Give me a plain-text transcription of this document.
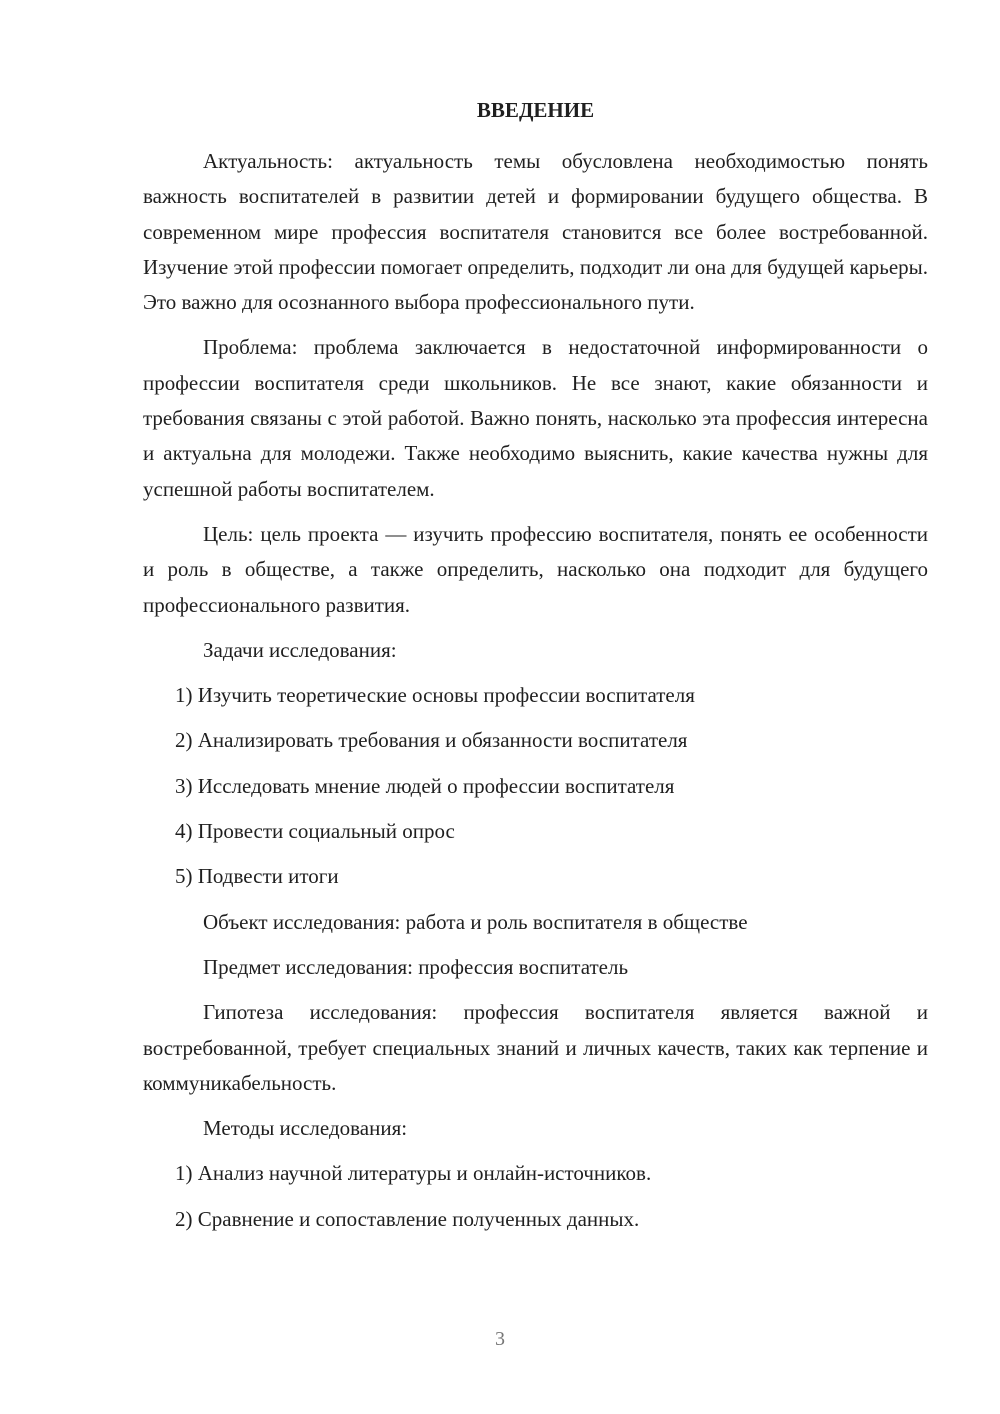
ВВЕДЕНИЕ
Актуальность: актуальность темы обусловлена необходимостью понять важность воспитателей в развитии детей и формировании будущего общества. В современном мире профессия воспитателя становится все более востребованной. Изучение этой профессии помогает определить, подходит ли она для будущей карьеры. Это важно для осознанного выбора профессионального пути.
Проблема: проблема заключается в недостаточной информированности о профессии воспитателя среди школьников. Не все знают, какие обязанности и требования связаны с этой работой. Важно понять, насколько эта профессия интересна и актуальна для молодежи. Также необходимо выяснить, какие качества нужны для успешной работы воспитателем.
Цель: цель проекта — изучить профессию воспитателя, понять ее особенности и роль в обществе, а также определить, насколько она подходит для будущего профессионального развития.
Задачи исследования:
1) Изучить теоретические основы профессии воспитателя
2) Анализировать требования и обязанности воспитателя
3) Исследовать мнение людей о профессии воспитателя
4) Провести социальный опрос
5) Подвести итоги
Объект исследования: работа и роль воспитателя в обществе
Предмет исследования: профессия воспитатель
Гипотеза исследования: профессия воспитателя является важной и востребованной, требует специальных знаний и личных качеств, таких как терпение и коммуникабельность.
Методы исследования:
1) Анализ научной литературы и онлайн-источников.
2) Сравнение и сопоставление полученных данных.
3
